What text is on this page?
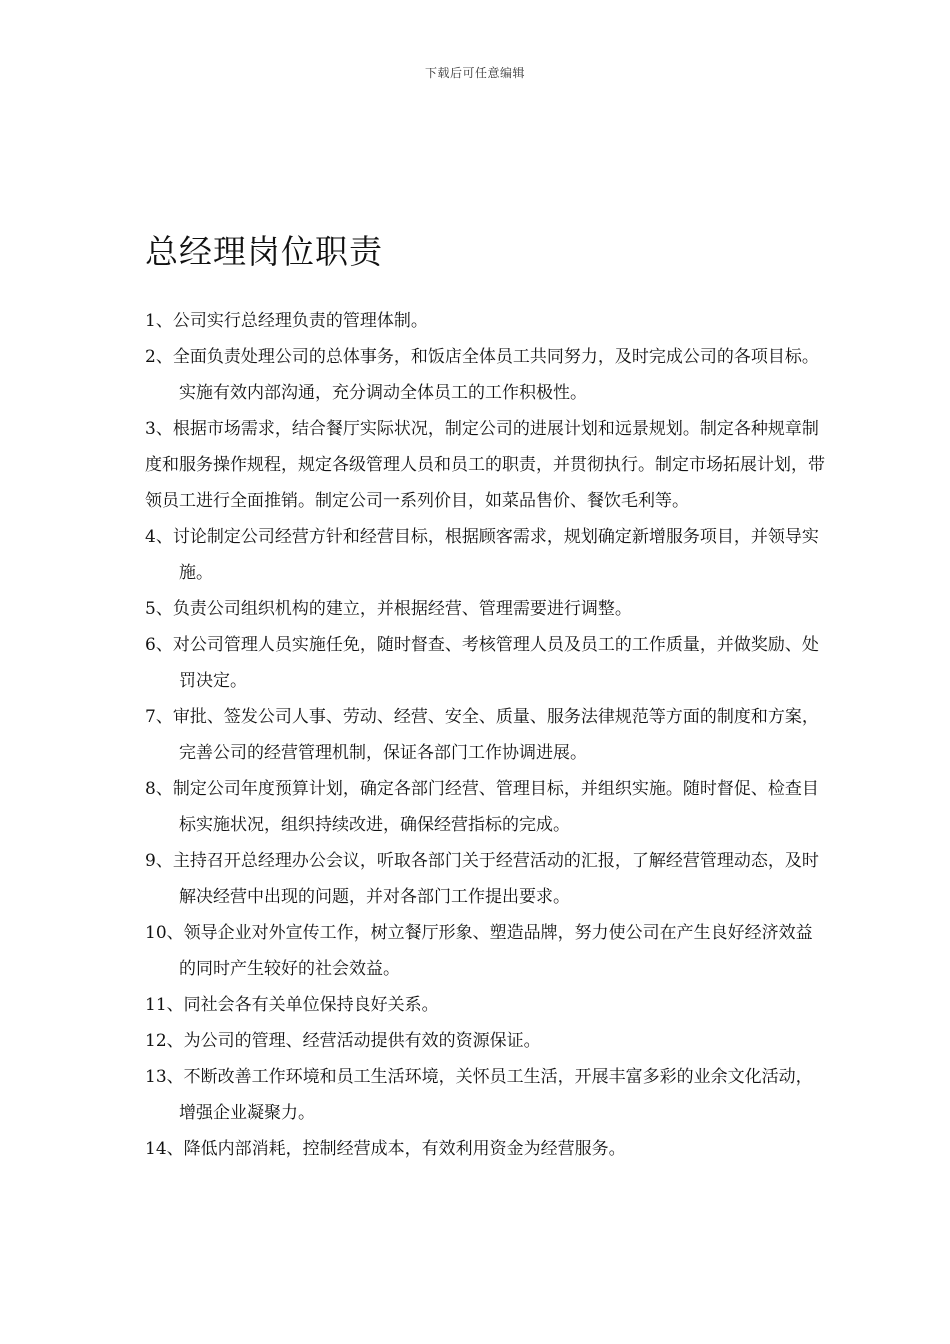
下载后可任意编辑
总经理岗位职责

1、公司实行总经理负责的管理体制。

2、全面负责处理公司的总体事务，和饭店全体员工共同努力，及时完成公司的各项目标。实施有效内部沟通，充分调动全体员工的工作积极性。

3、根据市场需求，结合餐厅实际状况，制定公司的进展计划和远景规划。制定各种规章制度和服务操作规程，规定各级管理人员和员工的职责，并贯彻执行。制定市场拓展计划，带领员工进行全面推销。制定公司一系列价目，如菜品售价、餐饮毛利等。

4、讨论制定公司经营方针和经营目标，根据顾客需求，规划确定新增服务项目，并领导实施。

5、负责公司组织机构的建立，并根据经营、管理需要进行调整。

6、对公司管理人员实施任免，随时督查、考核管理人员及员工的工作质量，并做奖励、处罚决定。

7、审批、签发公司人事、劳动、经营、安全、质量、服务法律规范等方面的制度和方案，完善公司的经营管理机制，保证各部门工作协调进展。

8、制定公司年度预算计划，确定各部门经营、管理目标，并组织实施。随时督促、检查目标实施状况，组织持续改进，确保经营指标的完成。

9、主持召开总经理办公会议，听取各部门关于经营活动的汇报，了解经营管理动态，及时解决经营中出现的问题，并对各部门工作提出要求。

10、领导企业对外宣传工作，树立餐厅形象、塑造品牌，努力使公司在产生良好经济效益的同时产生较好的社会效益。

11、同社会各有关单位保持良好关系。

12、为公司的管理、经营活动提供有效的资源保证。

13、不断改善工作环境和员工生活环境，关怀员工生活，开展丰富多彩的业余文化活动，增强企业凝聚力。

14、降低内部消耗，控制经营成本，有效利用资金为经营服务。
